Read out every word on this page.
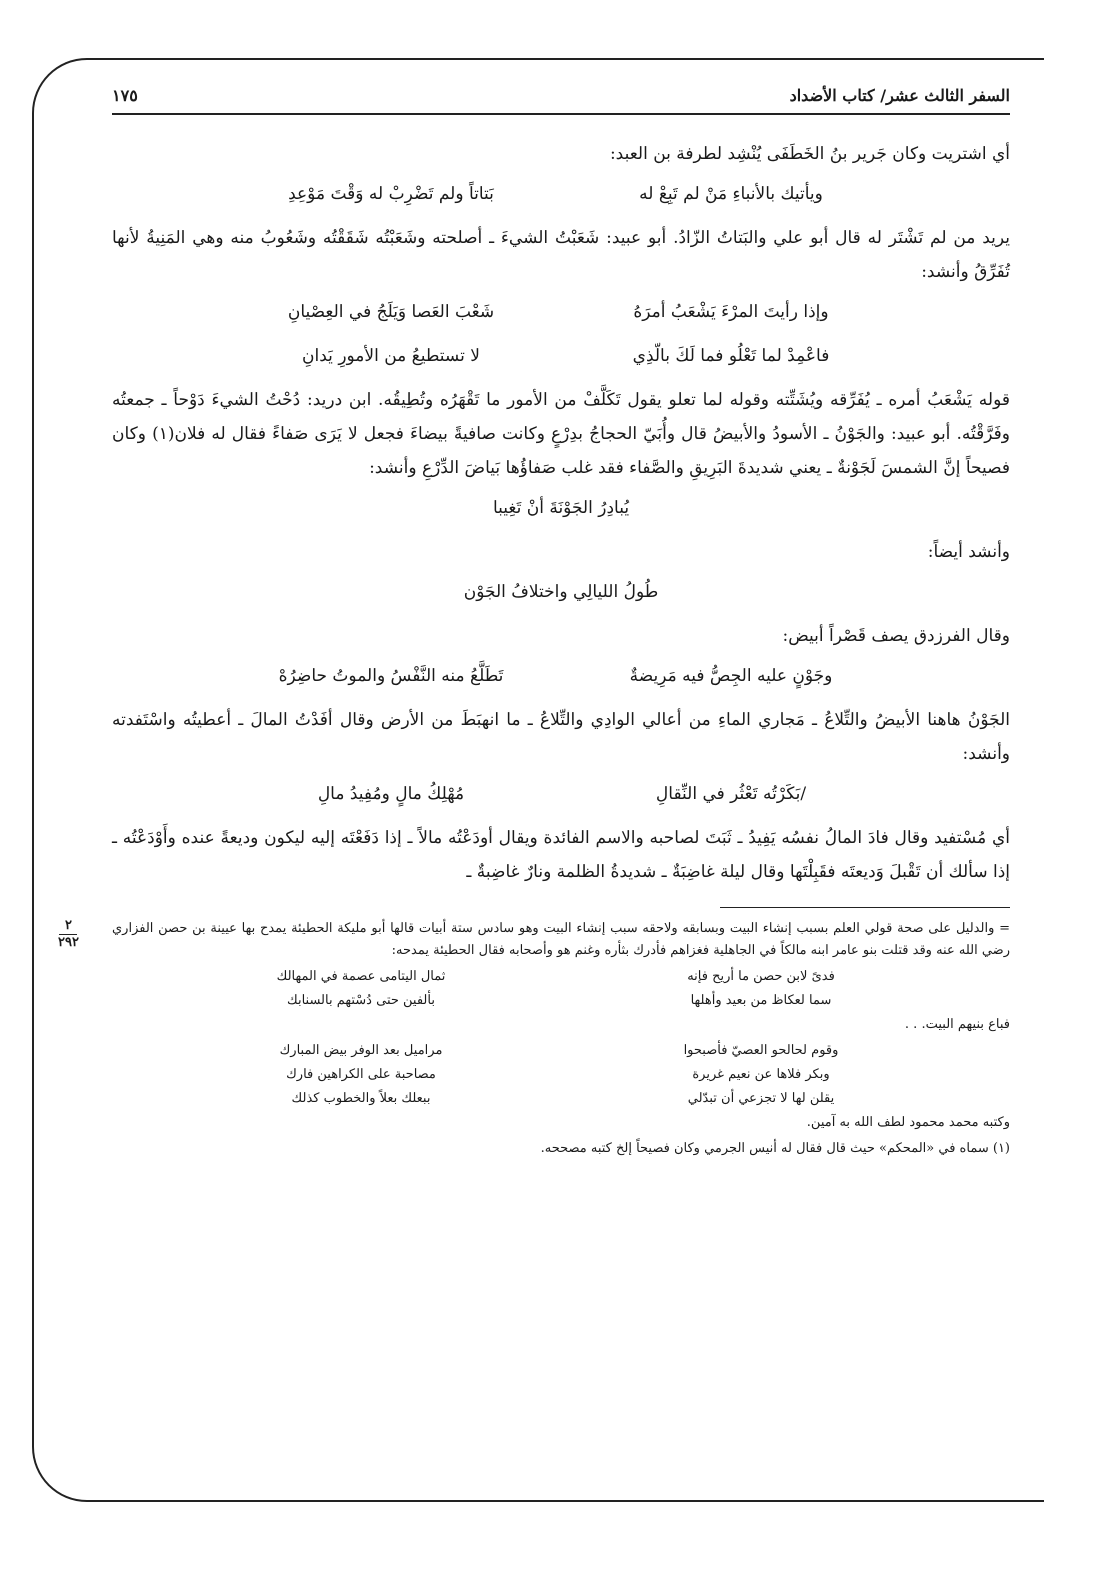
٢
٢٩٢
السفر الثالث عشر/ كتاب الأضداد
١٧٥

أي اشتريت وكان جَرير بنُ الخَطَفَى يُنْشِد لطرفة بن العبد:

ويأتيك بالأنباءِ مَنْ لم تَبِعْ له
بَتاتاً ولم تَضْرِبْ له وَقْتَ مَوْعِدِ

يريد من لم تَشْتَر له قال أبو علي والبَتاتُ الزّادُ. أبو عبيد: شَعَبْتُ الشيءَ ـ أصلحته وشَعَبْتُه شَقَقْتُه وشَعُوبُ منه وهي المَنِيةُ لأنها تُفَرِّقُ وأنشد:

وإذا رأيتَ المرْءَ يَشْعَبُ أمرَهُ
شَعْبَ العَصا وَيَلَجُ في العِصْيانِ
فاعْمِدْ لما تَعْلُو فما لَكَ بالّذِي
لا تستطيعُ من الأمورِ يَدانِ

قوله يَشْعَبُ أمره ـ يُفَرِّقه ويُشَتِّته وقوله لما تعلو يقول تَكَلَّفْ من الأمور ما تَقْهَرُه وتُطِيقُه. ابن دريد: دُحْتُ الشيءَ دَوْحاً ـ جمعتُه وفَرَّقْتُه. أبو عبيد: والجَوْنُ ـ الأسودُ والأبيضُ قال وأُبَيّ الحجاجُ بدِرْعٍ وكانت صافيةً بيضاءَ فجعل لا يَرَى صَفاءً فقال له فلان(١) وكان فصيحاً إنَّ الشمسَ لَجَوْنةٌ ـ يعني شديدةَ البَرِيقِ والصَّفاء فقد غلب صَفاؤُها بَياضَ الدِّرْعِ وأنشد:

يُبادِرُ الجَوْنَةَ أنْ تَغِيبا

وأنشد أيضاً:

طُولُ الليالِي واختلافُ الجَوْن

وقال الفرزدق يصف قَصْراً أبيض:

وجَوْنٍ عليه الجِصُّ فيه مَرِيضةٌ
تَطَلَّعُ منه النَّفْسُ والموتُ حاضِرُهْ

الجَوْنُ هاهنا الأبيضُ والتِّلاعُ ـ مَجاري الماءِ من أعالي الوادِي والتِّلاعُ ـ ما انهبَطَ من الأرض وقال أفَدْتُ المالَ ـ أعطيتُه واسْتَفدته وأنشد:

/بَكَرْتُه تَعْثُر في النِّقالِ
مُهْلِكُ مالٍ ومُفِيدُ مالِ

أي مُسْتفيد وقال فادَ المالُ نفسُه يَفِيدُ ـ ثَبَتَ لصاحبه والاسم الفائدة ويقال أودَعْتُه مالاً ـ إذا دَفَعْتَه إليه ليكون وديعةً عنده وأَوْدَعْتُه ـ إذا سألك أن تَقْبلَ وَديعتَه فقَبِلْتَها وقال ليلة غاضِبَةٌ ـ شديدةُ الظلمة ونارٌ غاضِبةٌ ـ

= والدليل على صحة قولي العلم بسبب إنشاء البيت وبسابقه ولاحقه سبب إنشاء البيت وهو سادس ستة أبيات قالها أبو مليكة الحطيئة يمدح بها عيينة بن حصن الفزاري رضي الله عنه وقد قتلت بنو عامر ابنه مالكاً في الجاهلية فغزاهم فأدرك بثأره وغنم هو وأصحابه فقال الحطيئة يمدحه:

فدىً لابن حصن ما أريح فإنه
ثمال اليتامى عصمة في المهالك
سما لعكاظ من بعيد وأهلها
بألفين حتى دُسْتهم بالسنابك

فباع بنيهم البيت. . .

وقوم لحالحو العصيّ فأصبحوا
مراميل بعد الوفر بيض المبارك
وبكر فلاها عن نعيم غريرة
مصاحبة على الكراهين فارك
يقلن لها لا تجزعي أن تبدّلي
ببعلك بعلاً والخطوب كذلك

وكتبه محمد محمود لطف الله به آمين.

(١) سماه في «المحكم» حيث قال فقال له أنيس الجرمي وكان فصيحاً إلخ كتبه مصححه.
